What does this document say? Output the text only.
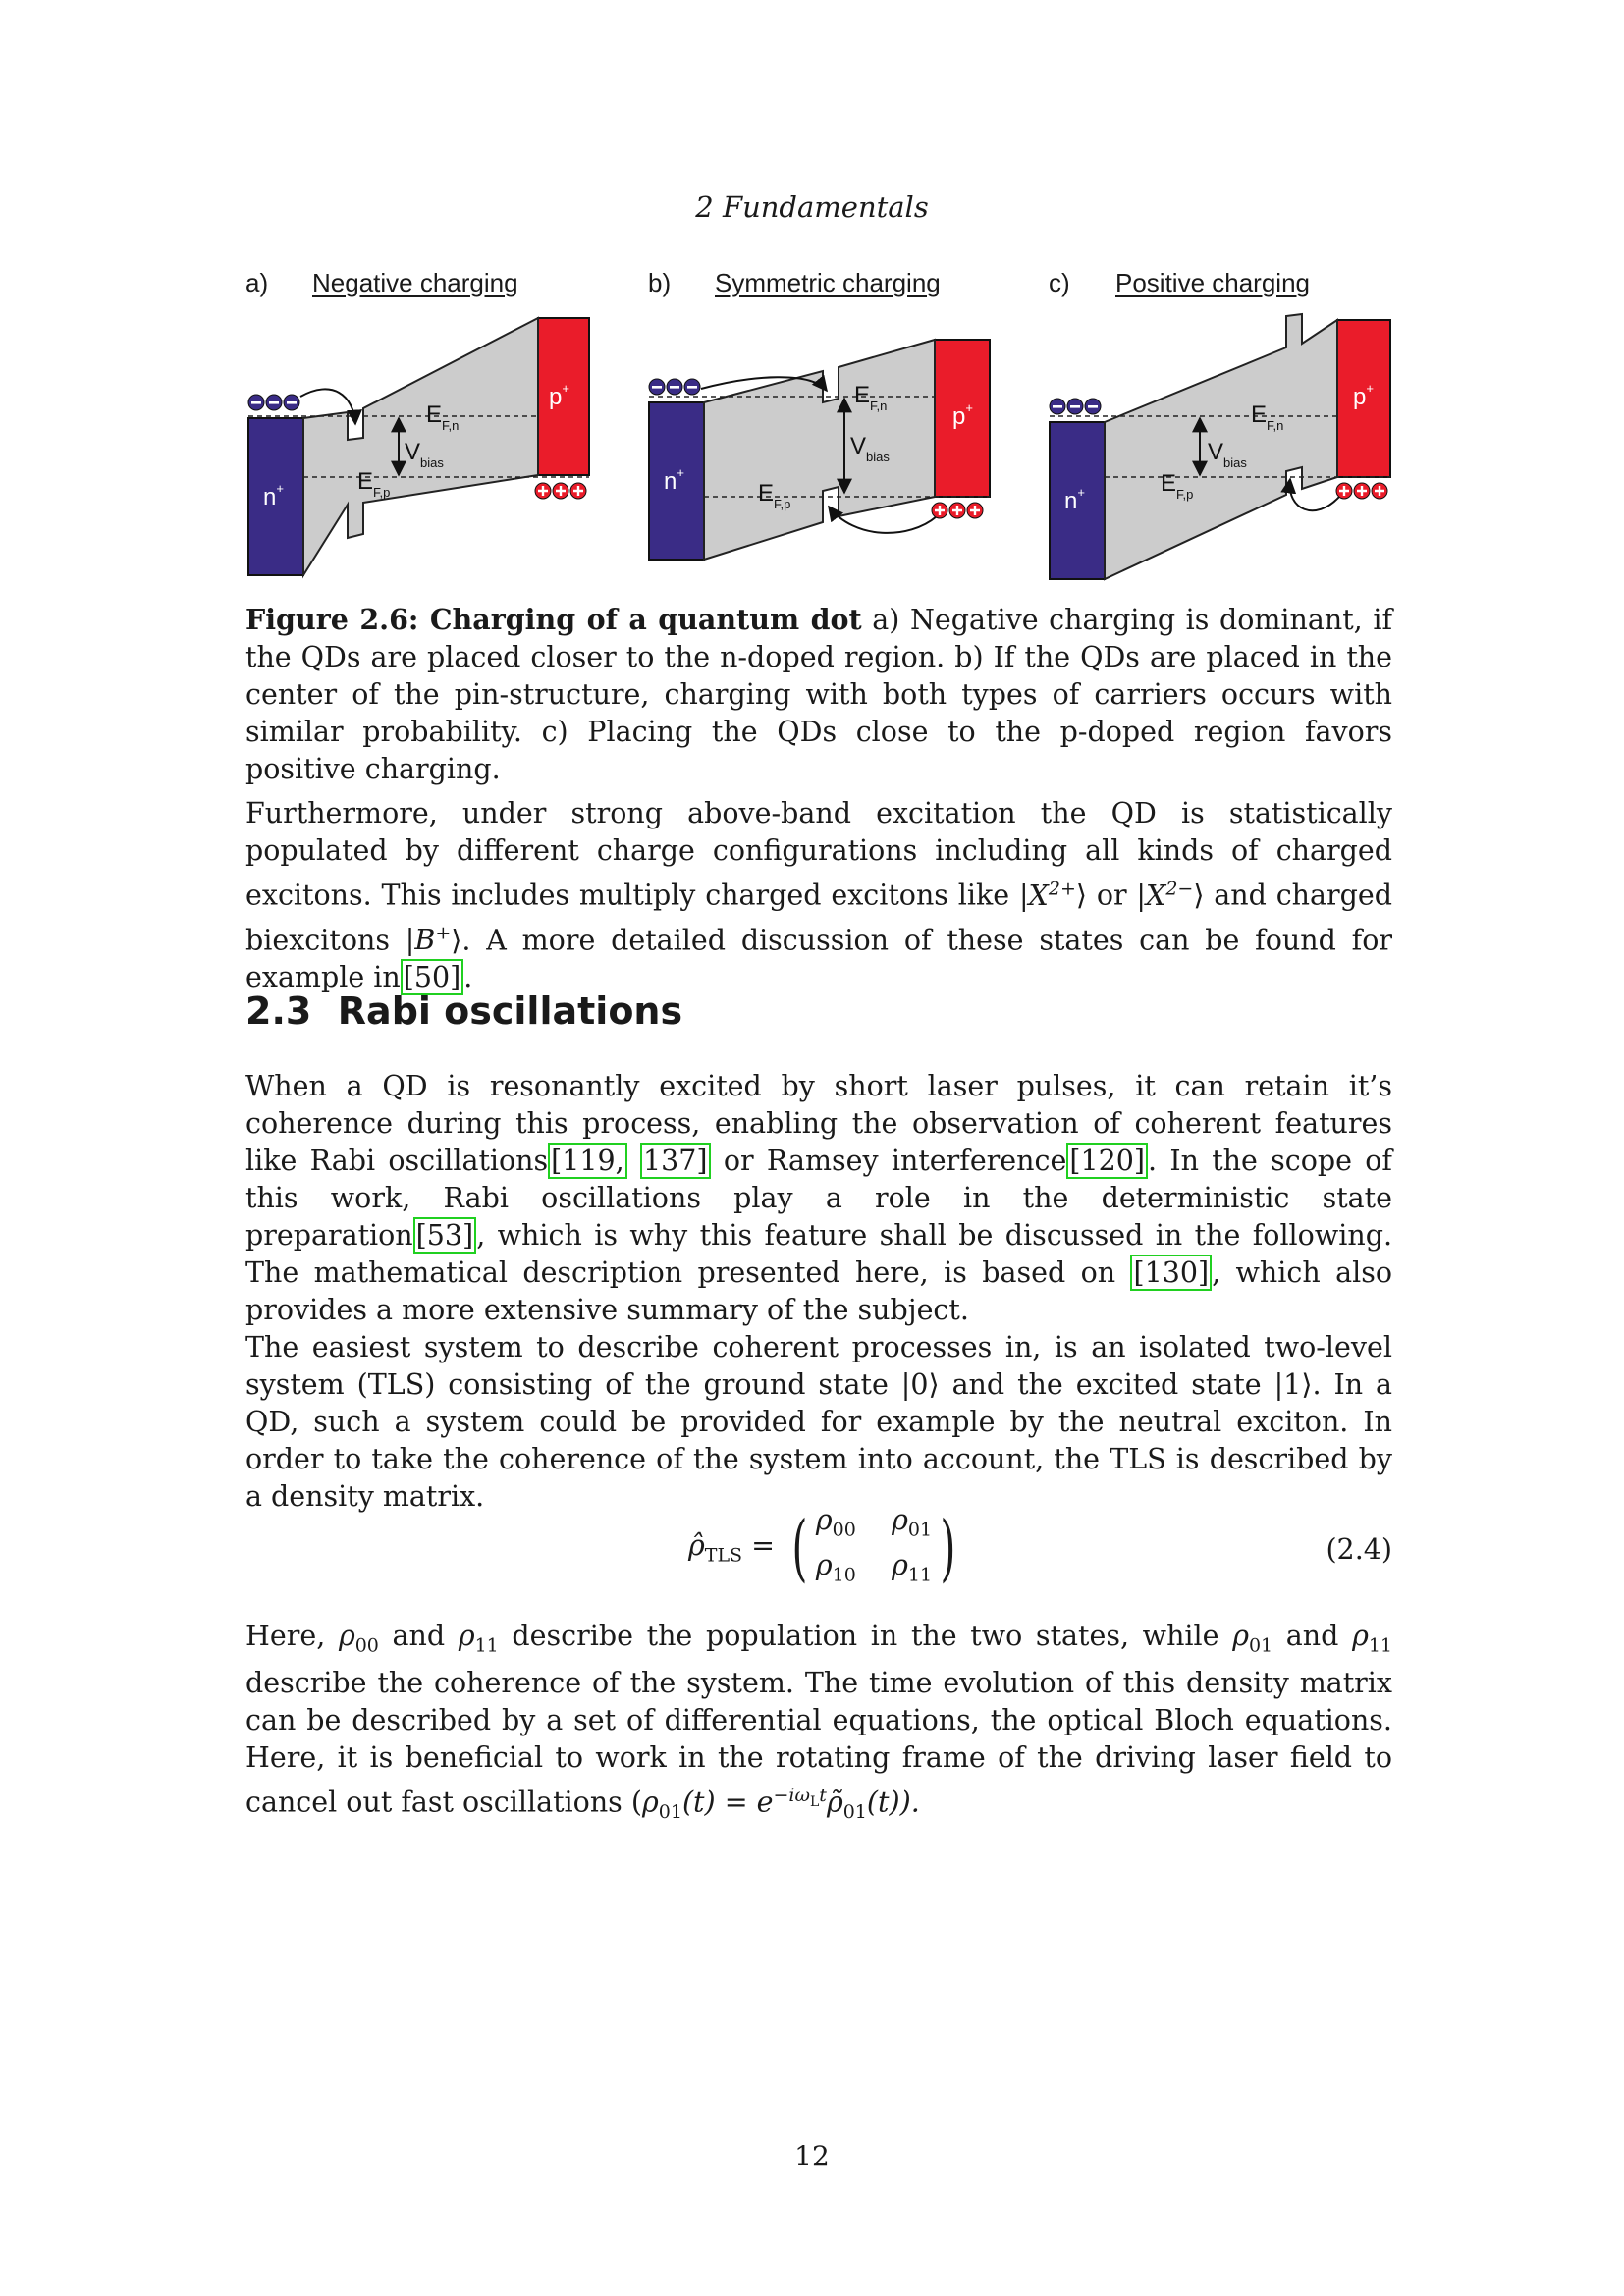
2 Fundamentals
a) Negative charging	b) Symmetric charging	c) Positive charging
n+
p+
$E_{F,n}$
$V_{bias}$
$E_{F,p}$	n+
p+
$E_{F,n}$
$V_{bias}$
$E_{F,p}$	n+
p+
$E_{F,n}$
$V_{bias}$
$E_{F,p}$

Figure 2.6: Charging of a quantum dot a) Negative charging is dominant, if the QDs are placed closer to the n-doped region. b) If the QDs are placed in the center of the pin-structure, charging with both types of carriers occurs with similar probability. c) Placing the QDs close to the p-doped region favors positive charging.

Furthermore, under strong above-band excitation the QD is statistically populated by different charge configurations including all kinds of charged excitons. This includes multiply charged excitons like $|X^{2+}⟩$ or $|X^{2-}⟩$ and charged biexcitons |B+⟩. A more detailed discussion of these states can be found for example in [50] .

2.3 Rabi oscillations

When a QD is resonantly excited by short laser pulses, it can retain it’s coherence during this process, enabling the observation of coherent features like Rabi oscillations [119, 137] or Ramsey interference [120] . In the scope of this work, Rabi oscillations play a role in the deterministic state preparation [53] , which is why this feature shall be discussed in the following. The mathematical description presented here, is based on [130] , which also provides a more extensive summary of the subject.

The easiest system to describe coherent processes in, is an isolated two-level system (TLS) consisting of the ground state |0⟩ and the excited state |1⟩. In a QD, such a system could be provided for example by the neutral exciton. In order to take the coherence of the system into account, the TLS is described by a density matrix.

$\rhô_{TLS}$ =	(	$\rho_{00}$ $\rho_{01}$
$\rho_{10}$ $\rho_{11}$	)	(2.4)

Here, $\rho_{00}$ and $\rho_{11}$ describe the population in the two states, while $\rho_{01}$ and $\rho_{11}$ describe the coherence of the system. The time evolution of this density matrix can be described by a set of differential equations, the optical Bloch equations. Here, it is beneficial to work in the rotating frame of the driving laser field to cancel out fast oscillations ($\rho_{01}(t)$ = $e^{-i\omega_Lt}\rhõ_{01}(t)$).

12
